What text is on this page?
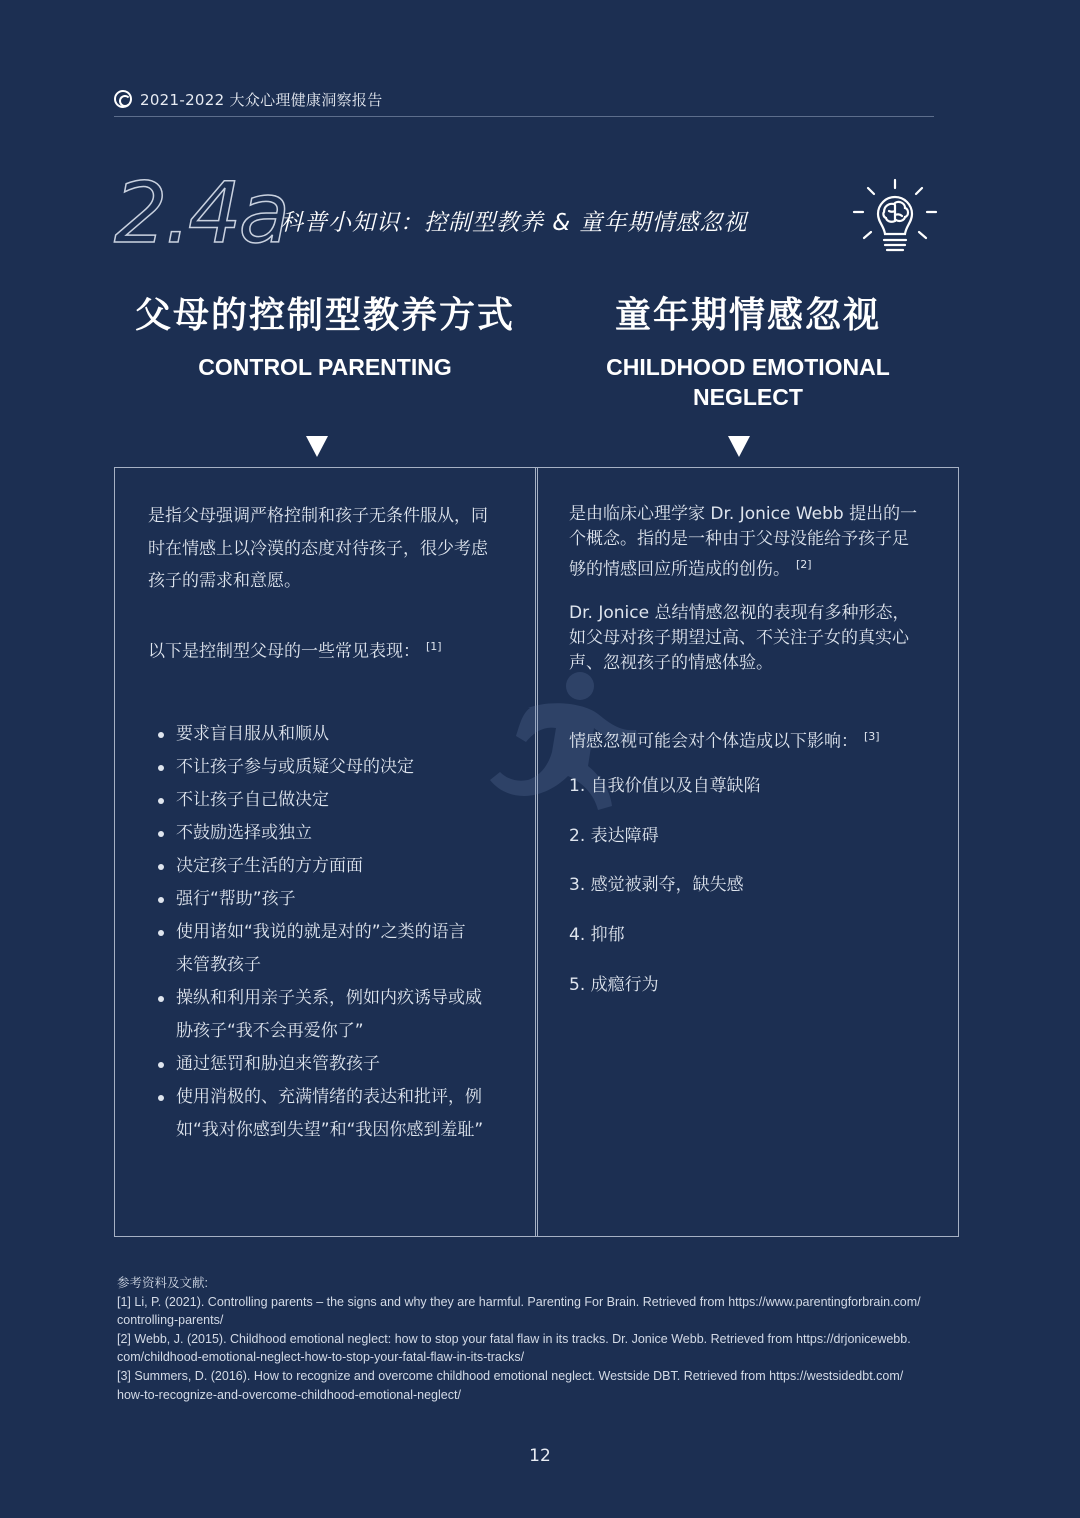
2021-2022 大众心理健康洞察报告
2.4a
科普小知识：控制型教养 & 童年期情感忽视
父母的控制型教养方式
CONTROL PARENTING
童年期情感忽视
CHILDHOOD EMOTIONAL
NEGLECT
是指父母强调严格控制和孩子无条件服从，同
时在情感上以冷漠的态度对待孩子，很少考虑
孩子的需求和意愿。
以下是控制型父母的一些常见表现： [1]
要求盲目服从和顺从
不让孩子参与或质疑父母的决定
不让孩子自己做决定
不鼓励选择或独立
决定孩子生活的方方面面
强行“帮助”孩子
使用诸如“我说的就是对的”之类的语言
来管教孩子
操纵和利用亲子关系，例如内疚诱导或威
胁孩子“我不会再爱你了”
通过惩罚和胁迫来管教孩子
使用消极的、充满情绪的表达和批评，例
如“我对你感到失望”和“我因你感到羞耻”
是由临床心理学家 Dr. Jonice Webb 提出的一
个概念。指的是一种由于父母没能给予孩子足
够的情感回应所造成的创伤。 [2]
Dr. Jonice 总结情感忽视的表现有多种形态，
如父母对孩子期望过高、不关注子女的真实心
声、忽视孩子的情感体验。
情感忽视可能会对个体造成以下影响： [3]
1. 自我价值以及自尊缺陷
2. 表达障碍
3. 感觉被剥夺，缺失感
4. 抑郁
5. 成瘾行为
参考资料及文献:
[1] Li, P. (2021). Controlling parents – the signs and why they are harmful. Parenting For Brain. Retrieved from https://www.parentingforbrain.com/
controlling-parents/
[2] Webb, J. (2015). Childhood emotional neglect: how to stop your fatal flaw in its tracks. Dr. Jonice Webb. Retrieved from https://drjonicewebb.
com/childhood-emotional-neglect-how-to-stop-your-fatal-flaw-in-its-tracks/
[3] Summers, D. (2016). How to recognize and overcome childhood emotional neglect. Westside DBT. Retrieved from https://westsidedbt.com/
how-to-recognize-and-overcome-childhood-emotional-neglect/
12
